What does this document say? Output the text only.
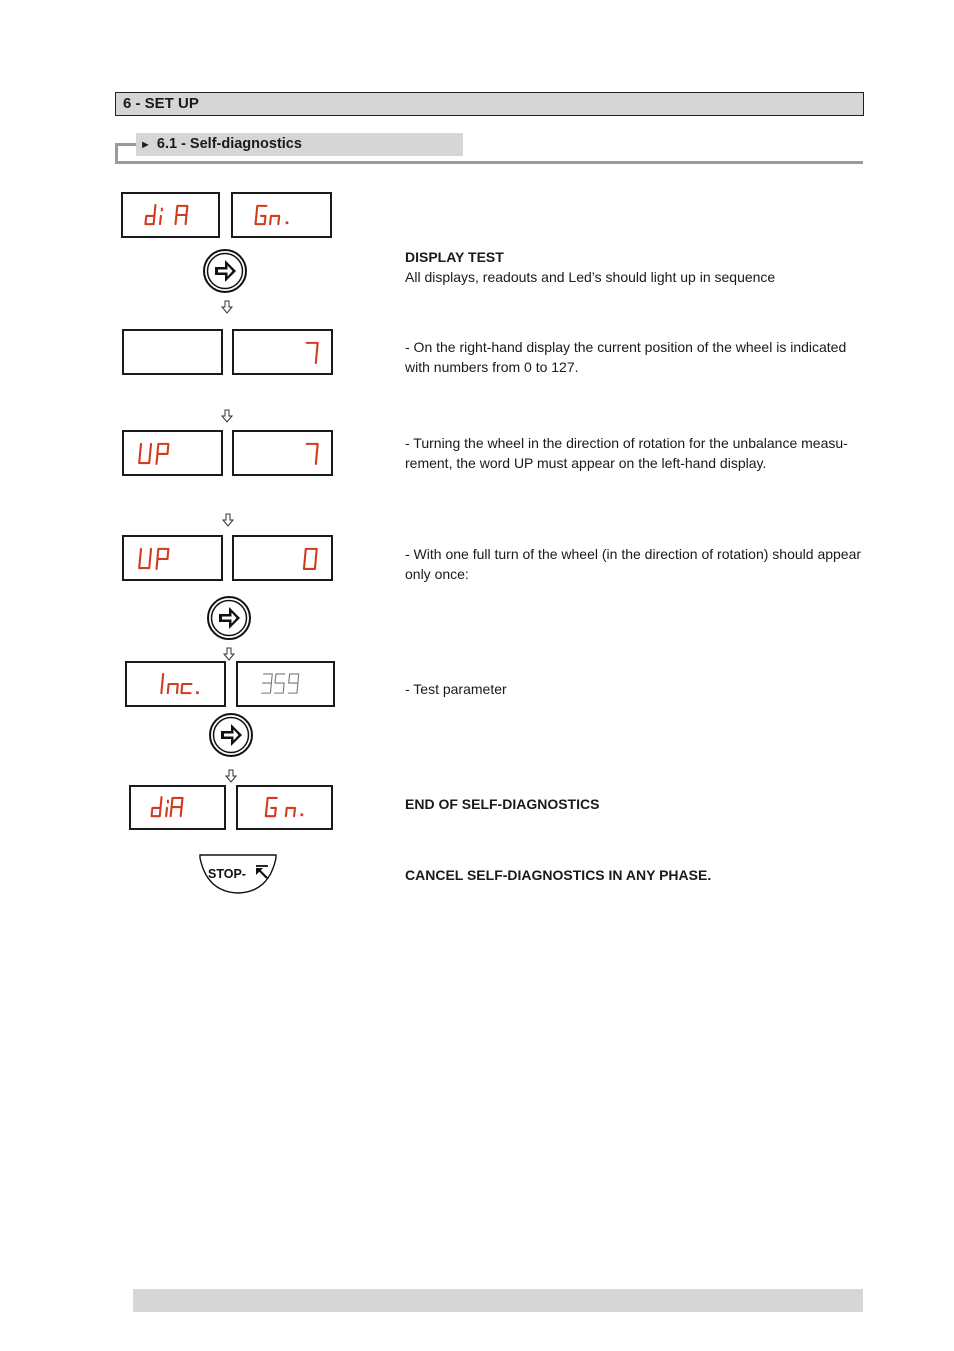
6 - SET UP
► 6.1 - Self-diagnostics
STOP-
DISPLAY TEST
All displays, readouts and Led’s should light up in sequence
- On the right-hand display the current position of the wheel is indicated with numbers from 0 to 127.
- Turning the wheel in the direction of rotation for the unbalance measu-rement, the word UP must appear on the left-hand display.
- With one full turn of the wheel (in the direction of rotation) should appear only once:
- Test parameter
END OF SELF-DIAGNOSTICS
CANCEL SELF-DIAGNOSTICS IN ANY PHASE.
